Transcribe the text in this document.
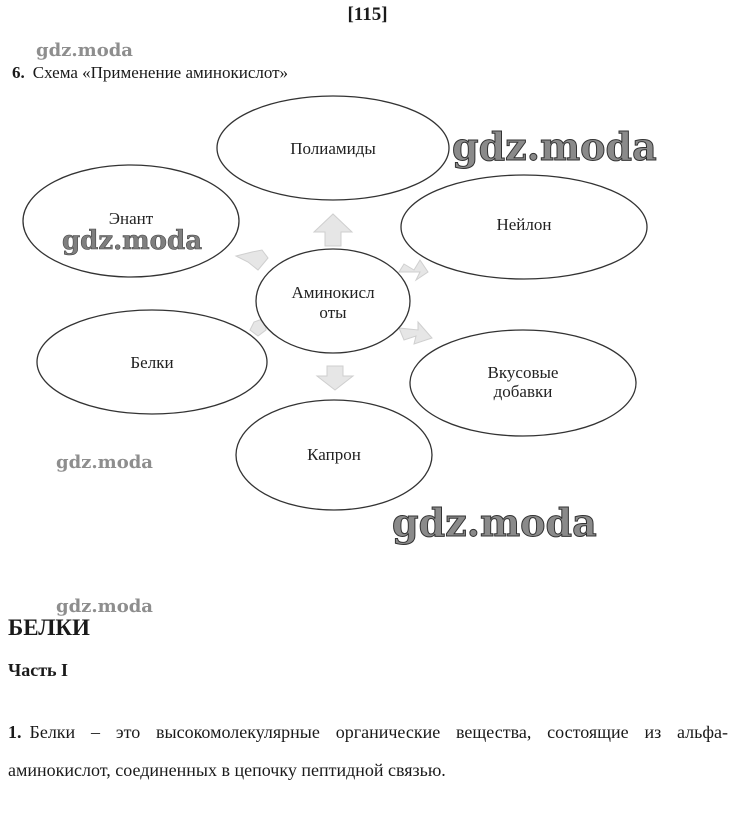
[115]
6. Схема «Применение аминокислот»
Полиамиды
Нейлон
Вкусовые
добавки
Капрон
Белки
Энант
Аминокисл
оты
gdz.moda
gdz.moda
gdz.moda
gdz.moda
gdz.moda
gdz.moda
БЕЛКИ
Часть I
1. Белки – это высокомолекулярные органические вещества, состоящие из альфа-аминокислот, соединенных в цепочку пептидной связью.
